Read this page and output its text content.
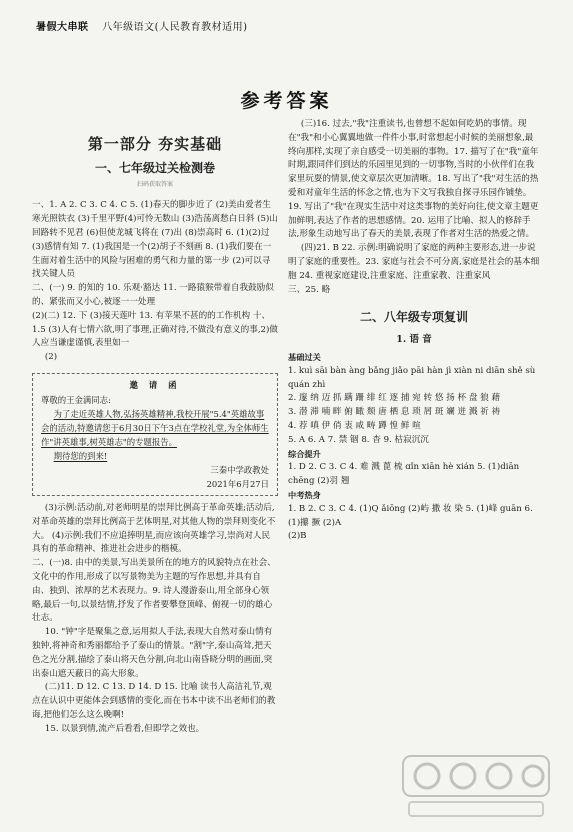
暑假大串联 八年级语文(人民教育教材适用)
参考答案
第一部分 夯实基础
一、七年级过关检测卷
扫码获取答案

一、1. A 2. C 3. C 4. C 5. (1)春天的脚步近了 (2)美由爱者生 寒光照铁衣 (3)千里平野(4)可怜无数山 (3)浩荡离愁白日斜 (5)山回路转不见君 (6)但使龙城飞将在 (7)出 (8)崇高时 6. (1)(2)过 (3)感情有知 7. (1)我国是一个(2)胡子不刻画 8. (1)我们要在一生面对着生活中的风险与困难的勇气和力量的第一步 (2)可以寻找关键人员

二、(一) 9. 的知的 10. 乐观·豁达 11. 一路猿猴带着自我鼓励似的、紧张而又小心,被逐一一处理

(2)(二) 12. 下 (3)接天莲叶 13. 有苹果不甚的的工作机构 十、1.5 (3)人有七情六欲,明了事理,正确对待,不做没有意义的事,2)做人应当谦虚谨慎,表里如一

(2)

邀 请 函
尊敬的王金满同志:
为了走近英雄人物,弘扬英雄精神,我校开展"5.4"英雄故事会的活动,特邀请您于6月30日下午3点在学校礼堂,为全体师生作"讲英雄事,树英雄志"的专题报告。
期待您的到来!
三秦中学政教处
2021年6月27日

(3)示例:活动前,对老师明星的崇拜比例高于革命英雄;活动后,对革命英雄的崇拜比例高于艺体明星,对其他人物的崇拜则变化不大。 (4)示例:我们不应追捧明星,而应该向英雄学习,崇尚对人民具有的革命精神、推进社会进步的楷模。

二、(一)8. 由中的美景,写出美景所在的地方的风貌特点在社会、文化中的作用,形成了以写景物美为主题的写作思想,并具有自由、独到、浓厚的艺术表现力。9. 诗人漫游泰山,用全部身心领略,最后一句,以景结情,抒发了作者要攀登顶峰、俯视一切的雄心壮志。

10. "钟"字是聚集之意,运用拟人手法,表现大自然对泰山情有独钟,将神奇和秀丽都给予了泰山的情景。"割"字,泰山高耸,把天色之光分割,描绘了泰山将天色分割,向北山南昏晓分明的画面,突出泰山遮天蔽日的高大形象。

(二)11. D 12. C 13. D 14. D 15. 比喻 读书人高洁礼节,观点在认识中更能体会到感情的变化,而在书本中读不出老师们的教诲,把他们怎么这么晚啊!

15. 以景到情,流产后看看,但即学之效也。

(三)16. 过去,"我"注重读书,也曾想不起如何吃奶的事情。现在"我"和小心翼翼地做一件件小事,时常想起小时候的美丽想象,最终向那样,实现了亲自感受一切美丽的事物。17. 描写了在"我"童年时期,跟同伴们到达的乐园里见到的一切事物,当时的小伙伴们在我家里玩耍的情景,使文章层次更加清晰。18. 写出了"我"对生活的热爱和对童年生活的怀念之情,也为下文写我独自探寻乐园作铺垫。19. 写出了"我"在现实生活中对这类事物的美好向往,使文章主题更加鲜明,表达了作者的思想感情。20. 运用了比喻、拟人的修辞手法,形象生动地写出了春天的美景,表现了作者对生活的热爱之情。

(四)21. B 22. 示例:明确说明了家庭的两种主要形态,进一步说明了家庭的重要性。23. 家庭与社会不可分离,家庭是社会的基本细胞 24. 重视家庭建设,注重家庭、注重家教、注重家风

三、25. 略

二、八年级专项复训
1. 语 音
基础过关

1. kuì sāi bàn àng bǎng jiǎo pāi hàn jì xiàn ni diān shě sù quán zhì

2. 邃 纳 迈 抓 蹒 跚 绯 红 逐 捕 宛 转 悠 扬 杯 盘 狼 藉

3. 潜 滞 喃 畔 俯 瞰 颓 唐 栖 息 琐 屑 斑 斓 迸 溅 祈 祷

4. 荐 嗔 伊 俏 衷 咸 畴 蹲 惶 鲜 喧

5. A 6. A 7. 禁 锢 8. 杳 9. 枯寂沉沉

综合提升

1. D 2. C 3. C 4. 难 溅 蓖 梳 ɑǐn xiān hè xián 5. (1)diān chēng (2)羽 翘

中考热身

1. B 2. C 3. C 4. (1)Q ǎiōng (2)屿 撒 妆 染 5. (1)峰 guān 6. (1)攥 撅 (2)A

(2)B
